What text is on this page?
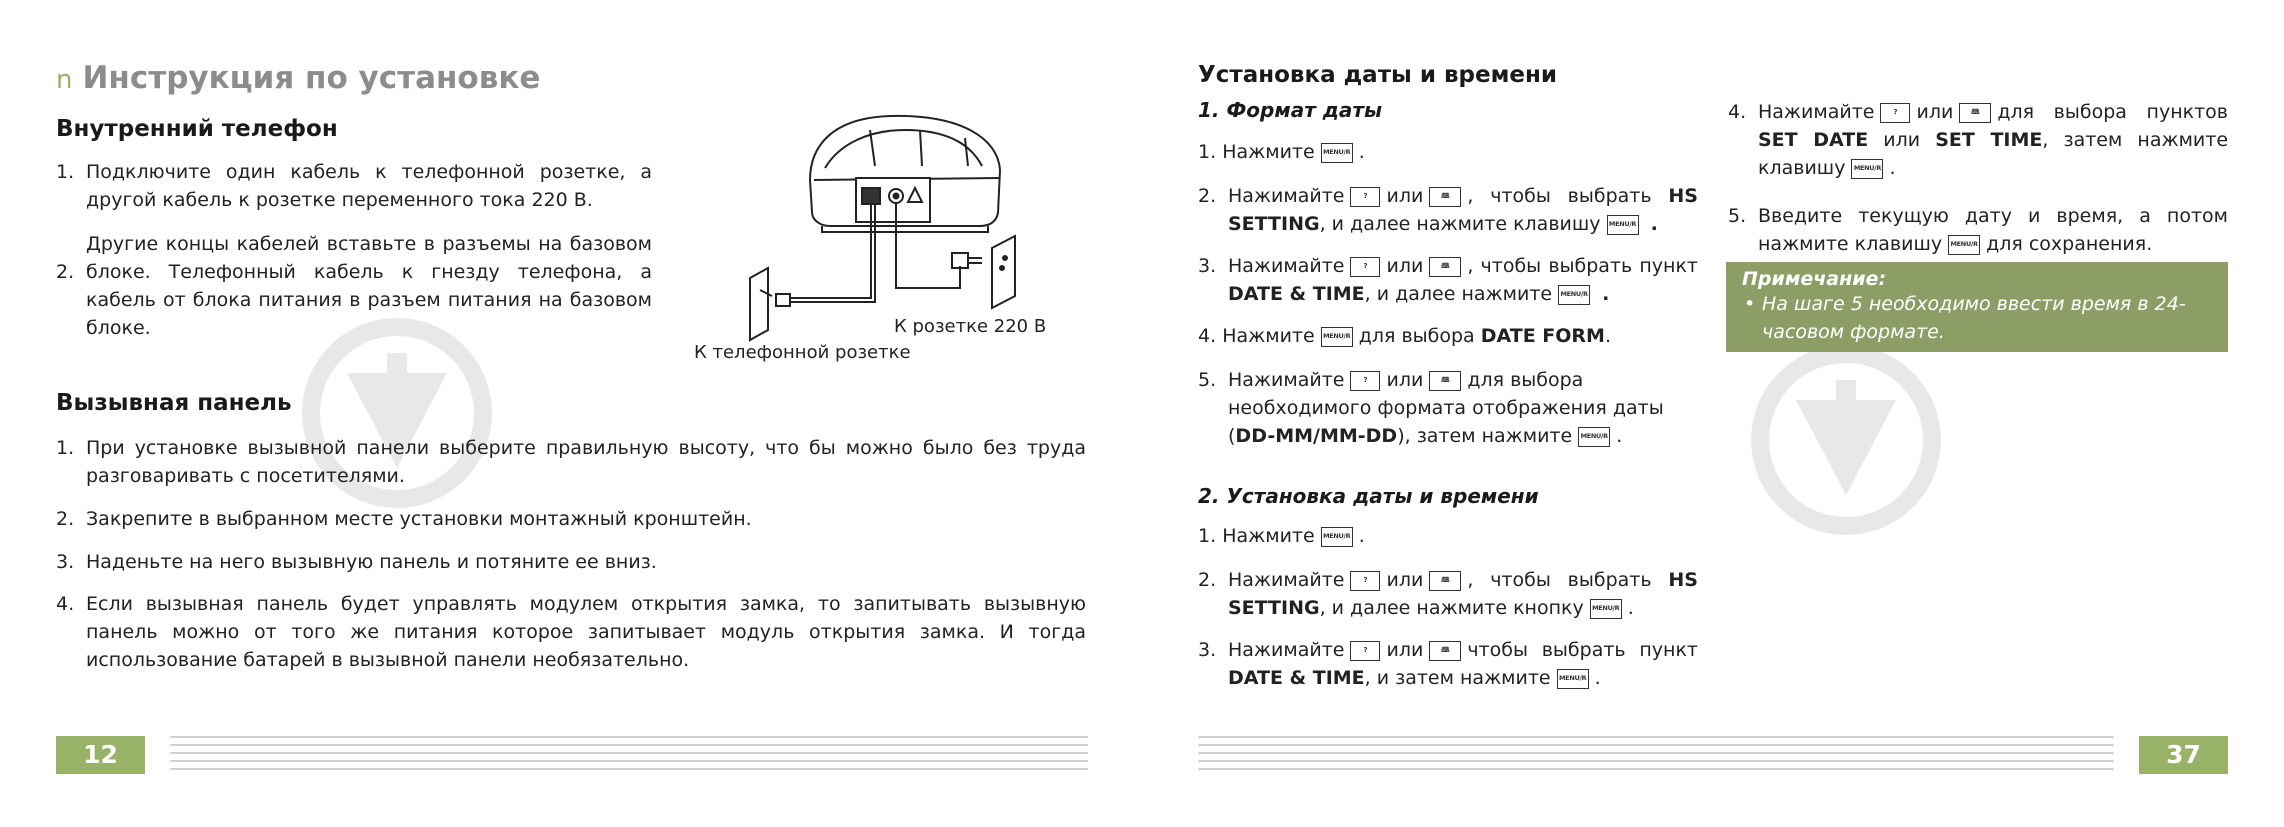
n Инструкция по установке
Внутренний телефон
1. Подключите один кабель к телефонной розетке, а другой кабель к розетке переменного тока 220 В.
2.
Другие концы кабелей вставьте в разъемы на базовом блоке. Телефонный кабель к гнезду телефона, а кабель от блока питания в разъем питания на базовом блоке.	К розетке 220 В
К телефонной розетке
Вызывная панель
1. При установке вызывной панели выберите правильную высоту, что бы можно было без труда разговаривать с посетителями.
2. Закрепите в выбранном месте установки монтажный кронштейн.
3. Наденьте на него вызывную панель и потяните ее вниз.
4. Если вызывная панель будет управлять модулем открытия замка, то запитывать вызывную панель можно от того же питания которое запитывает модуль открытия замка. И тогда использование батарей в вызывной панели необязательно.
12
Установка даты и времени
1. Формат даты
1. Нажмите MENU/R .
2. Нажимайте	? или	🕮 , чтобы выбрать HS SETTING, и далее нажмите клавишу MENU/R .
3. Нажимайте	? или	🕮 , чтобы выбрать пункт DATE & TIME, и далее нажмите MENU/R .
4. Нажмите MENU/R для выбора DATE FORM.
5. Нажимайте	? или	🕮 для выбора
необходимого формата отображения даты
(DD-MM/MM-DD), затем нажмите MENU/R .
2. Установка даты и времени
1. Нажмите MENU/R .
2. Нажимайте	? или	🕮 , чтобы выбрать HS SETTING, и далее нажмите кнопку MENU/R .
3. Нажимайте	? или	🕮 чтобы выбрать пункт DATE & TIME, и затем нажмите MENU/R .
4. Нажимайте	? или	🕮 для выбора пунктов SET DATE или SET TIME, затем нажмите клавишу MENU/R .
5. Введите текущую дату и время, а потом нажмите клавишу MENU/R для сохранения.
Примечание:
• На шаге 5 необходимо ввести время в 24-часовом формате.
37
